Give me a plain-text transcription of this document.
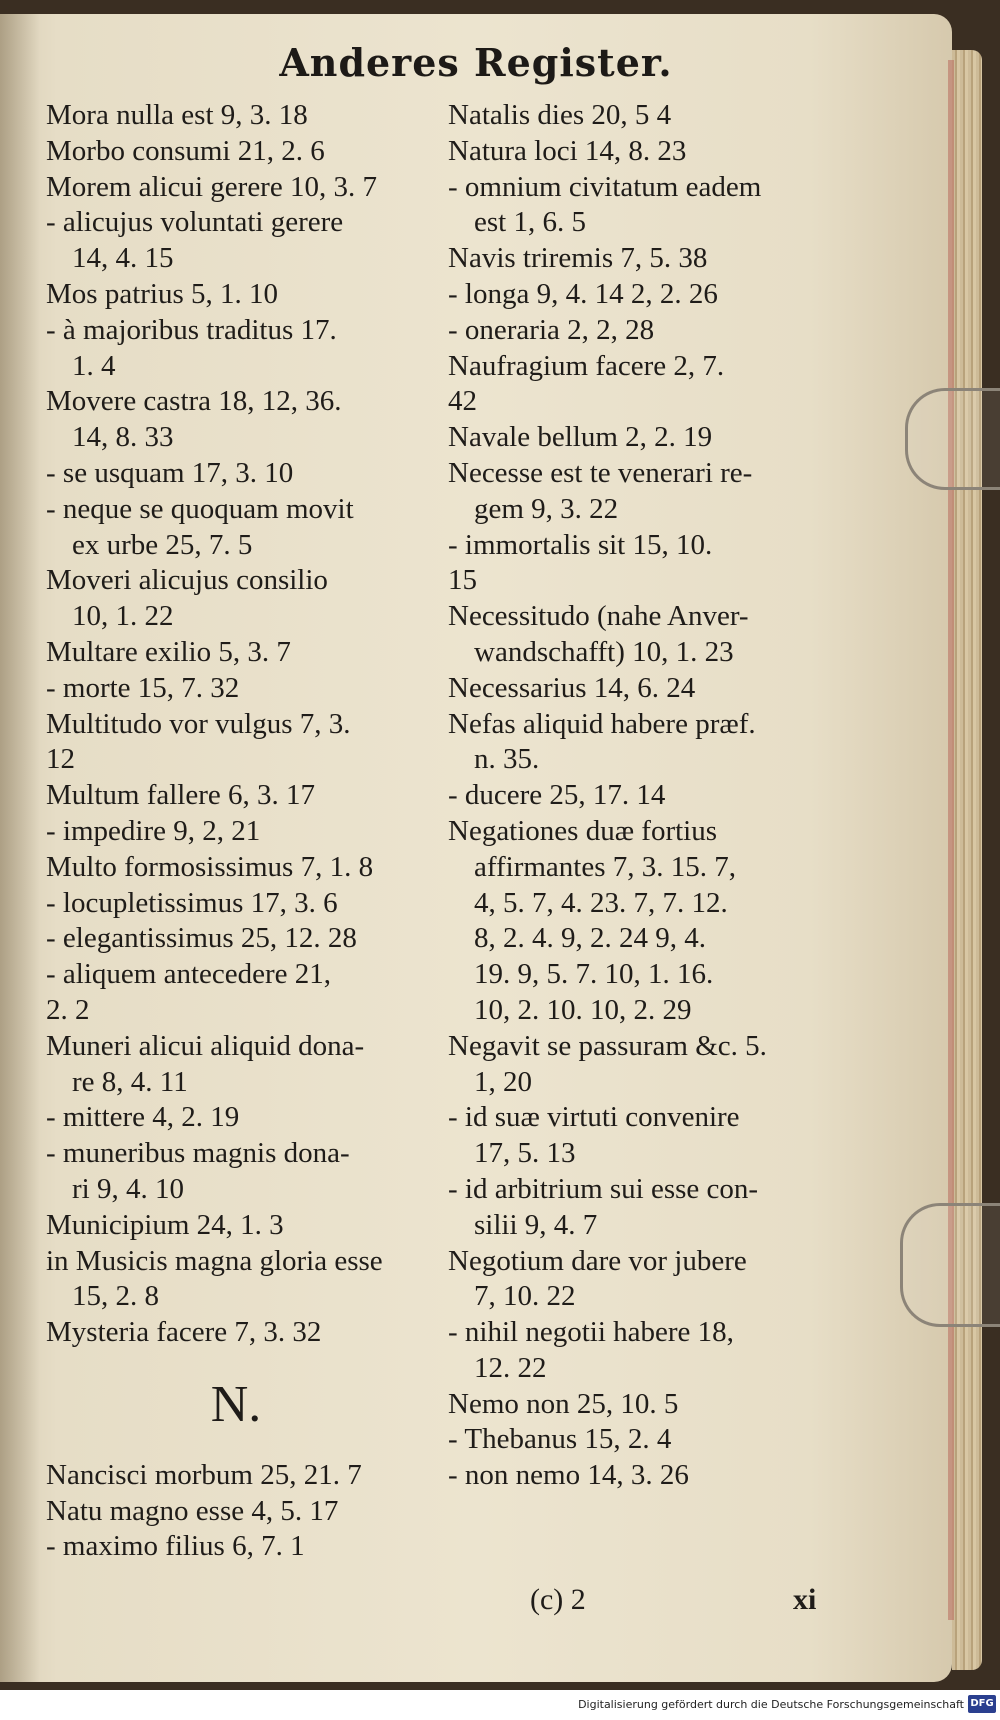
Anderes Register.
Mora nulla est 9, 3. 18
Morbo consumi 21, 2. 6
Morem alicui gerere 10, 3. 7
- alicujus voluntati gerere
14, 4. 15
Mos patrius 5, 1. 10
- à majoribus traditus 17.
1. 4
Movere castra 18, 12, 36.
14, 8. 33
- se usquam 17, 3. 10
- neque se quoquam movit
ex urbe 25, 7. 5
Moveri alicujus consilio
10, 1. 22
Multare exilio 5, 3. 7
- morte 15, 7. 32
Multitudo vor vulgus 7, 3.
12
Multum fallere 6, 3. 17
- impedire 9, 2, 21
Multo formosissimus 7, 1. 8
- locupletissimus 17, 3. 6
- elegantissimus 25, 12. 28
- aliquem antecedere 21,
2. 2
Muneri alicui aliquid dona-
re 8, 4. 11
- mittere 4, 2. 19
- muneribus magnis dona-
ri 9, 4. 10
Municipium 24, 1. 3
in Musicis magna gloria esse
15, 2. 8
Mysteria facere 7, 3. 32
N.
Nancisci morbum 25, 21. 7
Natu magno esse 4, 5. 17
- maximo filius 6, 7. 1
Natalis dies 20, 5 4
Natura loci 14, 8. 23
- omnium civitatum eadem
est 1, 6. 5
Navis triremis 7, 5. 38
- longa 9, 4. 14 2, 2. 26
- oneraria 2, 2, 28
Naufragium facere 2, 7.
42
Navale bellum 2, 2. 19
Necesse est te venerari re-
gem 9, 3. 22
- immortalis sit 15, 10.
15
Necessitudo (nahe Anver-
wandschafft) 10, 1. 23
Necessarius 14, 6. 24
Nefas aliquid habere præf.
n. 35.
- ducere 25, 17. 14
Negationes duæ fortius
affirmantes 7, 3. 15. 7,
4, 5. 7, 4. 23. 7, 7. 12.
8, 2. 4. 9, 2. 24 9, 4.
19. 9, 5. 7. 10, 1. 16.
10, 2. 10. 10, 2. 29
Negavit se passuram &c. 5.
1, 20
- id suæ virtuti convenire
17, 5. 13
- id arbitrium sui esse con-
silii 9, 4. 7
Negotium dare vor jubere
7, 10. 22
- nihil negotii habere 18,
12. 22
Nemo non 25, 10. 5
- Thebanus 15, 2. 4
- non nemo 14, 3. 26
(c) 2	xi
Digitalisierung gefördert durch die Deutsche Forschungsgemeinschaft DFG
